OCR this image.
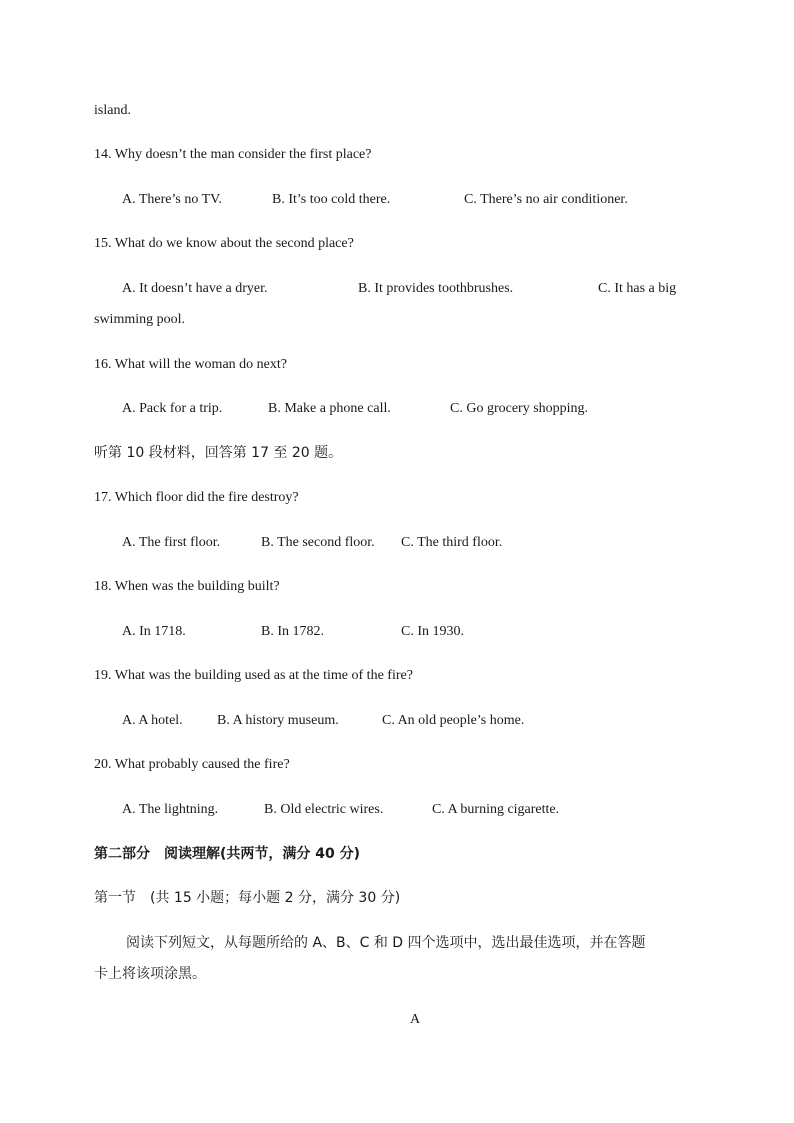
island.
14. Why doesn’t the man consider the first place?
A. There’s no TV.	B. It’s too cold there.	C. There’s no air conditioner.
15. What do we know about the second place?
A. It doesn’t have a dryer.	B. It provides toothbrushes.	C. It has a big
swimming pool.
16. What will the woman do next?
A. Pack for a trip.	B. Make a phone call.	C. Go grocery shopping.
听第 10 段材料，回答第 17 至 20 题。
17. Which floor did the fire destroy?
A. The first floor.	B. The second floor. C. The third floor.
18. When was the building built?
A. In 1718.	B. In 1782.	C. In 1930.
19. What was the building used as at the time of the fire?
A. A hotel. B. A history museum.	C. An old people’s home.
20. What probably caused the fire?
A. The lightning.	B. Old electric wires.	C. A burning cigarette.
第二部分　阅读理解(共两节，满分 40 分)
第一节　(共 15 小题；每小题 2 分，满分 30 分)
阅读下列短文，从每题所给的 A、B、C 和 D 四个选项中，选出最佳选项，并在答题
卡上将该项涂黑。
A
